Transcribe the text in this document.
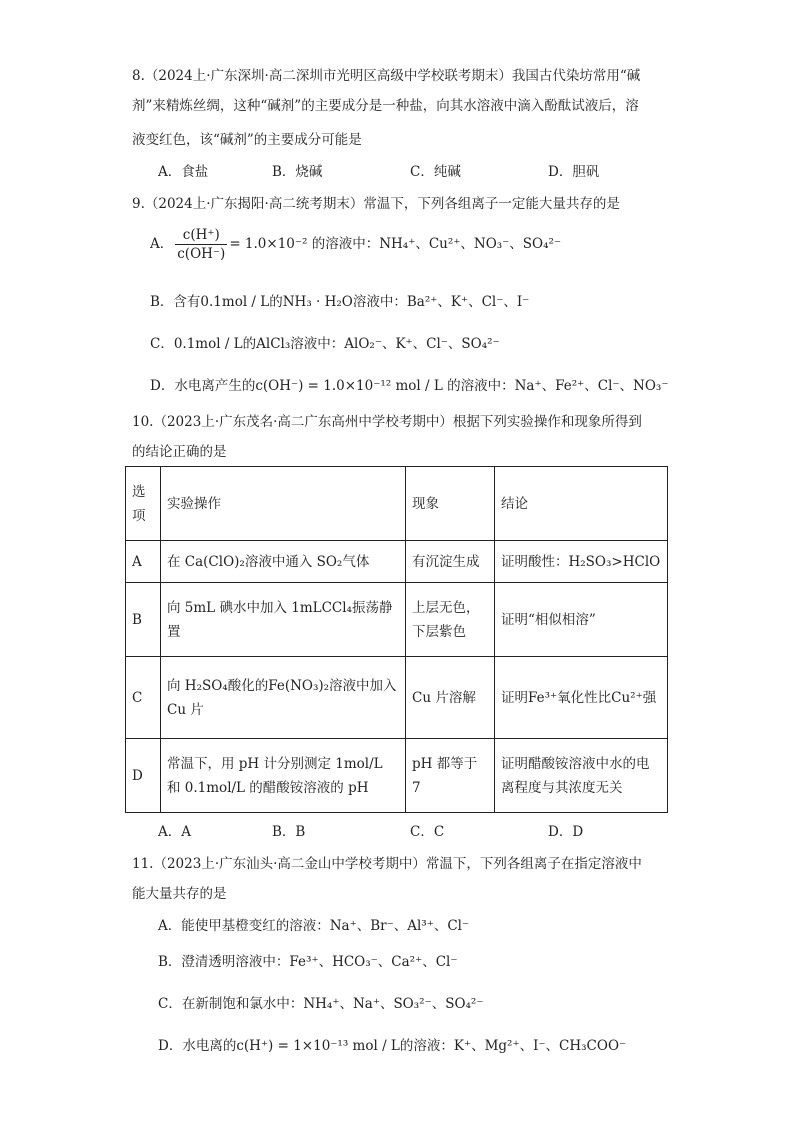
8.（2024上·广东深圳·高二深圳市光明区高级中学校联考期末）我国古代染坊常用“碱
剂”来精炼丝绸，这种“碱剂”的主要成分是一种盐，向其水溶液中滴入酚酞试液后，溶
液变红色，该“碱剂”的主要成分可能是
A．食盐	B．烧碱	C．纯碱	D．胆矾
9.（2024上·广东揭阳·高二统考期末）常温下，下列各组离子一定能大量共存的是
A． $\frac{c(H^+)}{c(OH^-)} = 1.0\times 10^{-2}$ 的溶液中：NH₄⁺、Cu²⁺、NO₃⁻、SO₄²⁻
B．含有0.1mol / L的NH₃ · H₂O溶液中：Ba²⁺、K⁺、Cl⁻、I⁻
C．0.1mol / L的AlCl₃溶液中：AlO₂⁻、K⁺、Cl⁻、SO₄²⁻
D．水电离产生的c(OH⁻) = 1.0×10⁻¹² mol / L 的溶液中：Na⁺、Fe²⁺、Cl⁻、NO₃⁻
10.（2023上·广东茂名·高二广东高州中学校考期中）根据下列实验操作和现象所得到
的结论正确的是
选项	实验操作	现象	结论
A	在 Ca(ClO)₂溶液中通入 SO₂气体	有沉淀生成	证明酸性：H₂SO₃>HClO
B	向 5mL 碘水中加入 1mLCCl₄振荡静置	上层无色，下层紫色	证明“相似相溶”
C	向 H₂SO₄酸化的Fe(NO₃)₂溶液中加入 Cu 片	Cu 片溶解	证明Fe³⁺氧化性比Cu²⁺强
D	常温下，用 pH 计分别测定 1mol/L 和 0.1mol/L 的醋酸铵溶液的 pH	pH 都等于 7	证明醋酸铵溶液中水的电离程度与其浓度无关
A．A	B．B	C．C	D．D
11.（2023上·广东汕头·高二金山中学校考期中）常温下，下列各组离子在指定溶液中
能大量共存的是
A．能使甲基橙变红的溶液：Na⁺、Br⁻、Al³⁺、Cl⁻
B．澄清透明溶液中：Fe³⁺、HCO₃⁻、Ca²⁺、Cl⁻
C．在新制饱和氯水中：NH₄⁺、Na⁺、SO₃²⁻、SO₄²⁻
D．水电离的c(H⁺) = 1×10⁻¹³ mol / L的溶液：K⁺、Mg²⁺、I⁻、CH₃COO⁻
